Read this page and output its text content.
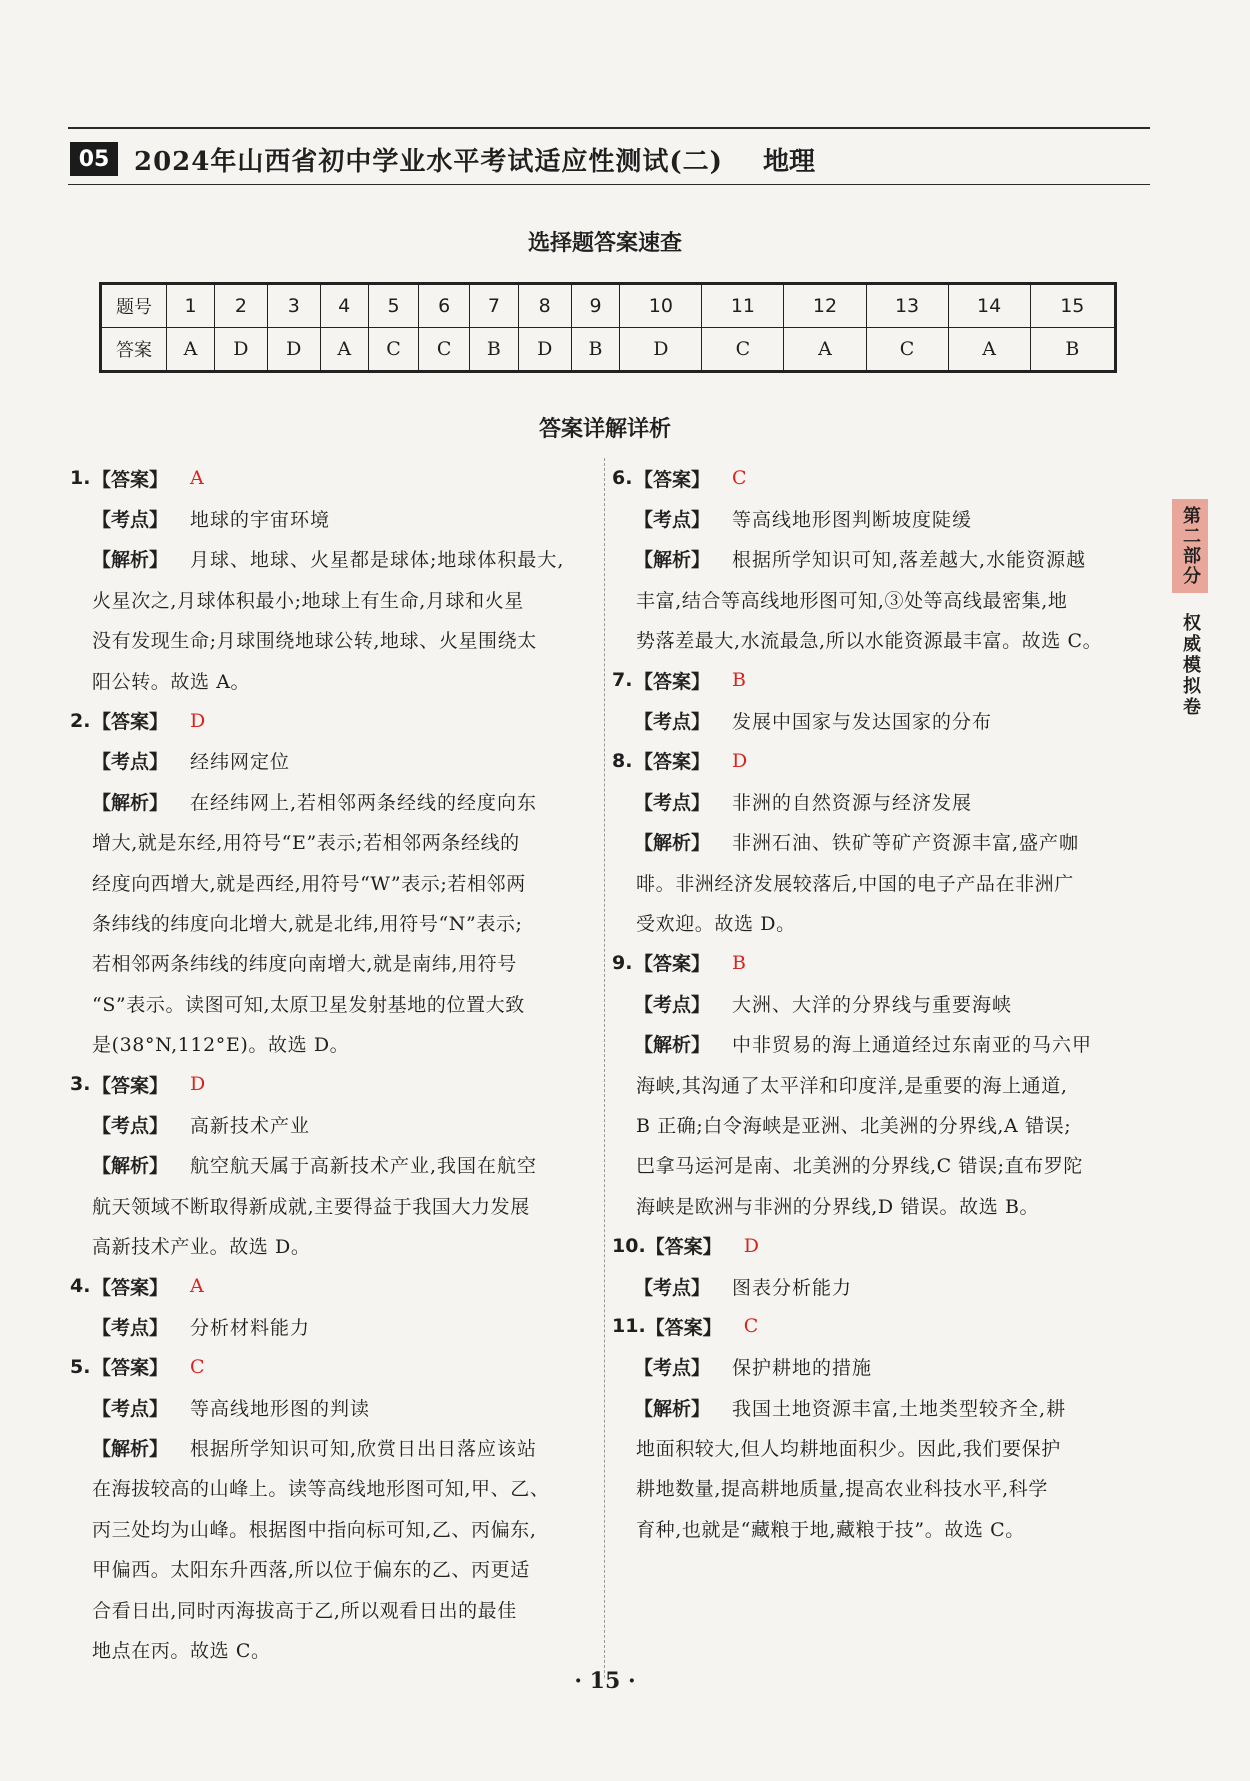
05 2024年山西省初中学业水平考试适应性测试(二) 地理
选择题答案速查
题号	1	2	3	4	5	6	7	8	9	10	11	12	13	14	15
答案	A	D	D	A	C	C	B	D	B	D	C	A	C	A	B
答案详解详析
1. 【答案】 A
【考点】 地球的宇宙环境
【解析】 月球、地球、火星都是球体;地球体积最大,
火星次之,月球体积最小;地球上有生命,月球和火星
没有发现生命;月球围绕地球公转,地球、火星围绕太
阳公转。故选 A。
2. 【答案】 D
【考点】 经纬网定位
【解析】 在经纬网上,若相邻两条经线的经度向东
增大,就是东经,用符号“E”表示;若相邻两条经线的
经度向西增大,就是西经,用符号“W”表示;若相邻两
条纬线的纬度向北增大,就是北纬,用符号“N”表示;
若相邻两条纬线的纬度向南增大,就是南纬,用符号
“S”表示。读图可知,太原卫星发射基地的位置大致
是(38°N,112°E)。故选 D。
3. 【答案】 D
【考点】 高新技术产业
【解析】 航空航天属于高新技术产业,我国在航空
航天领域不断取得新成就,主要得益于我国大力发展
高新技术产业。故选 D。
4. 【答案】 A
【考点】 分析材料能力
5. 【答案】 C
【考点】 等高线地形图的判读
【解析】 根据所学知识可知,欣赏日出日落应该站
在海拔较高的山峰上。读等高线地形图可知,甲、乙、
丙三处均为山峰。根据图中指向标可知,乙、丙偏东,
甲偏西。太阳东升西落,所以位于偏东的乙、丙更适
合看日出,同时丙海拔高于乙,所以观看日出的最佳
地点在丙。故选 C。
6. 【答案】 C
【考点】 等高线地形图判断坡度陡缓
【解析】 根据所学知识可知,落差越大,水能资源越
丰富,结合等高线地形图可知,③处等高线最密集,地
势落差最大,水流最急,所以水能资源最丰富。故选 C。
7. 【答案】 B
【考点】 发展中国家与发达国家的分布
8. 【答案】 D
【考点】 非洲的自然资源与经济发展
【解析】 非洲石油、铁矿等矿产资源丰富,盛产咖
啡。非洲经济发展较落后,中国的电子产品在非洲广
受欢迎。故选 D。
9. 【答案】 B
【考点】 大洲、大洋的分界线与重要海峡
【解析】 中非贸易的海上通道经过东南亚的马六甲
海峡,其沟通了太平洋和印度洋,是重要的海上通道,
B 正确;白令海峡是亚洲、北美洲的分界线,A 错误;
巴拿马运河是南、北美洲的分界线,C 错误;直布罗陀
海峡是欧洲与非洲的分界线,D 错误。故选 B。
10. 【答案】 D
【考点】 图表分析能力
11. 【答案】 C
【考点】 保护耕地的措施
【解析】 我国土地资源丰富,土地类型较齐全,耕
地面积较大,但人均耕地面积少。因此,我们要保护
耕地数量,提高耕地质量,提高农业科技水平,科学
育种,也就是“藏粮于地,藏粮于技”。故选 C。
第二部分
权威模拟卷
· 15 ·
